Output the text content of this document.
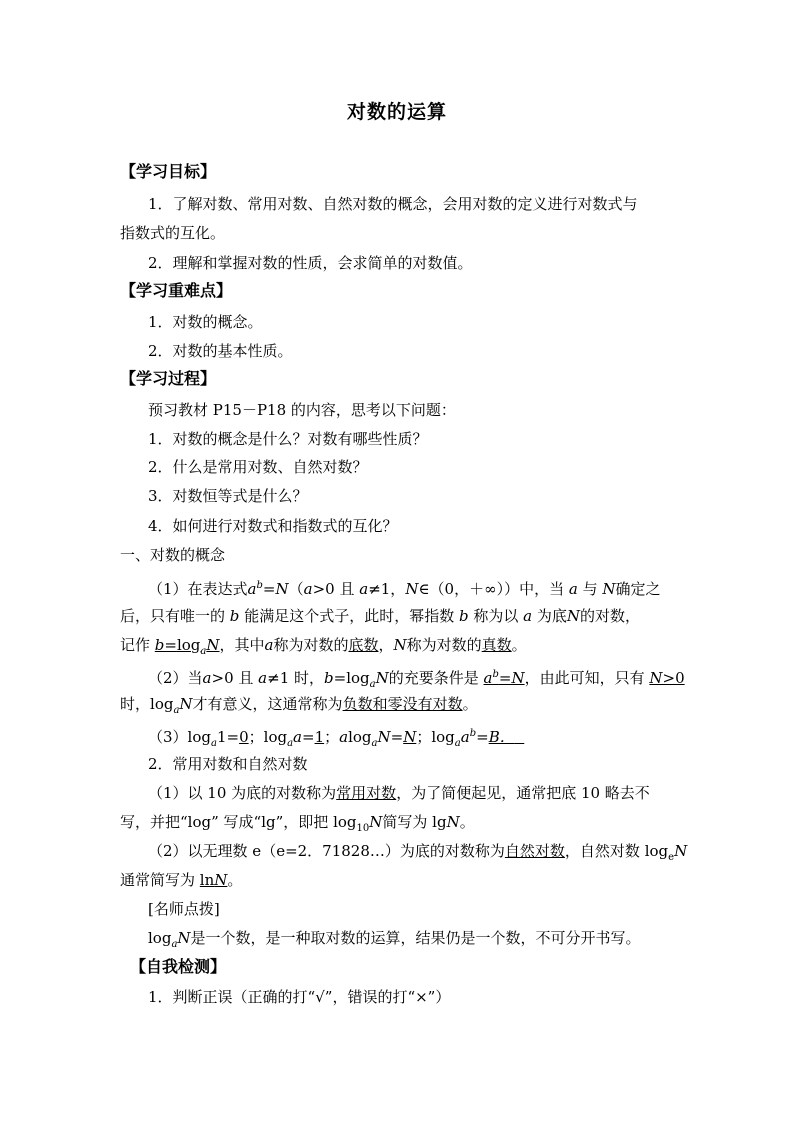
对数的运算
【学习目标】
1．了解对数、常用对数、自然对数的概念，会用对数的定义进行对数式与
指数式的互化。
2．理解和掌握对数的性质，会求简单的对数值。
【学习重难点】
1．对数的概念。
2．对数的基本性质。
【学习过程】
预习教材 P15－P18 的内容，思考以下问题：
1．对数的概念是什么？对数有哪些性质？
2．什么是常用对数、自然对数？
3．对数恒等式是什么？
4．如何进行对数式和指数式的互化？
一、对数的概念
（1）在表达式$a^b=N(a>0$ 且 a≠1，N∈（0，＋∞））中，当 a 与 N确定之
后，只有唯一的 b 能满足这个式子，此时，幂指数 b 称为以 a 为底N的对数，
记作 $b=\log_aN$，其中a称为对数的底数，N称为对数的真数。
（2）当a>0 且 a≠1 时，$b=\log_aN$的充要条件是 $a^b=N$，由此可知，只有 N>0
时，$\log_aN$才有意义，这通常称为负数和零没有对数。
$(3)\log_a1=0$；$\log_aa=1$；alog$_a$N=N；$\log_aa^b=B$．
2．常用对数和自然对数
（1）以 10 为底的对数称为常用对数，为了简便起见，通常把底 10 略去不
写，并把“log” 写成“lg”，即把 $\log_{10}N$简写为 lgN。
（2）以无理数 e（e=2．71828…）为底的对数称为自然对数，自然对数 $\log_eN$
通常简写为 lnN。
[名师点拨]
$\log_aN$是一个数，是一种取对数的运算，结果仍是一个数，不可分开书写。
【自我检测】
1．判断正误（正确的打“√”，错误的打“×”）
